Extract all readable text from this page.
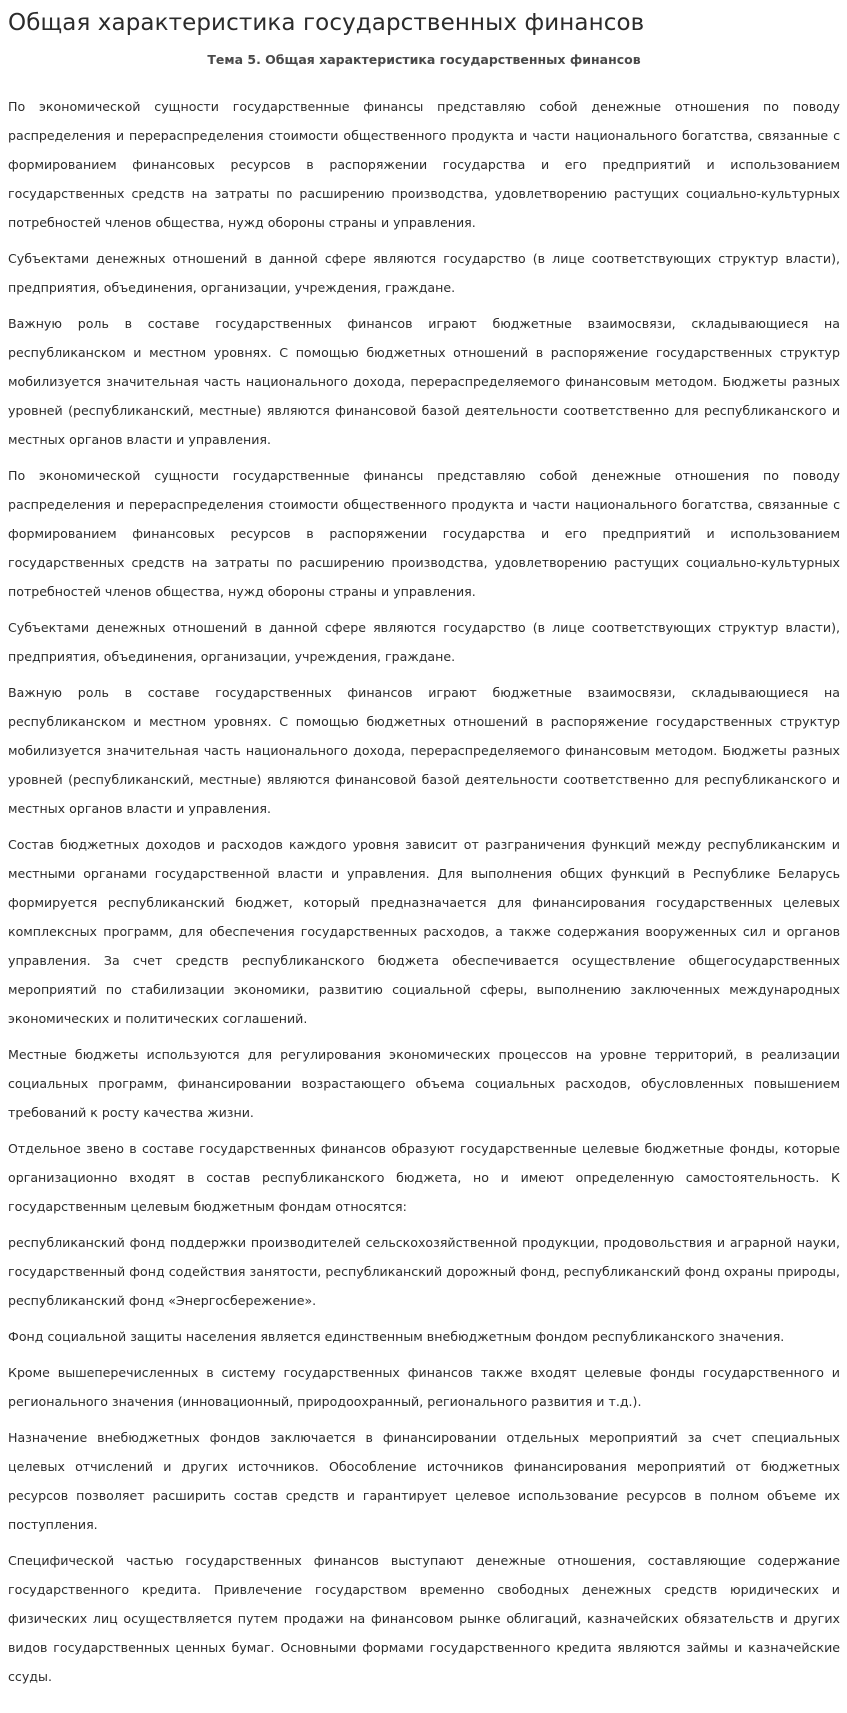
Общая характеристика государственных финансов
Тема 5. Общая характеристика государственных финансов

По экономической сущности государственные финансы представляю собой денежные отношения по поводу распределения и перераспределения стоимости общественного продукта и части национального богатства, связанные с формированием финансовых ресурсов в распоряжении государства и его предприятий и использованием государственных средств на затраты по расширению производства, удовлетворению растущих социально-культурных потребностей членов общества, нужд обороны страны и управления.

Субъектами денежных отношений в данной сфере являются государство (в лице соответствующих структур власти), предприятия, объединения, организации, учреждения, граждане.

Важную роль в составе государственных финансов играют бюджетные взаимосвязи, складывающиеся на республиканском и местном уровнях. С помощью бюджетных отношений в распоряжение государственных структур мобилизуется значительная часть национального дохода, перераспределяемого финансовым методом. Бюджеты разных уровней (республиканский, местные) являются финансовой базой деятельности соответственно для республиканского и местных органов власти и управления.

По экономической сущности государственные финансы представляю собой денежные отношения по поводу распределения и перераспределения стоимости общественного продукта и части национального богатства, связанные с формированием финансовых ресурсов в распоряжении государства и его предприятий и использованием государственных средств на затраты по расширению производства, удовлетворению растущих социально-культурных потребностей членов общества, нужд обороны страны и управления.

Субъектами денежных отношений в данной сфере являются государство (в лице соответствующих структур власти), предприятия, объединения, организации, учреждения, граждане.

Важную роль в составе государственных финансов играют бюджетные взаимосвязи, складывающиеся на республиканском и местном уровнях. С помощью бюджетных отношений в распоряжение государственных структур мобилизуется значительная часть национального дохода, перераспределяемого финансовым методом. Бюджеты разных уровней (республиканский, местные) являются финансовой базой деятельности соответственно для республиканского и местных органов власти и управления.

Состав бюджетных доходов и расходов каждого уровня зависит от разграничения функций между республиканским и местными органами государственной власти и управления. Для выполнения общих функций в Республике Беларусь формируется республиканский бюджет, который предназначается для финансирования государственных целевых комплексных программ, для обеспечения государственных расходов, а также содержания вооруженных сил и органов управления. За счет средств республиканского бюджета обеспечивается осуществление общегосударственных мероприятий по стабилизации экономики, развитию социальной сферы, выполнению заключенных международных экономических и политических соглашений.

Местные бюджеты используются для регулирования экономических процессов на уровне территорий, в реализации социальных программ, финансировании возрастающего объема социальных расходов, обусловленных повышением требований к росту качества жизни.

Отдельное звено в составе государственных финансов образуют государственные целевые бюджетные фонды, которые организационно входят в состав республиканского бюджета, но и имеют определенную самостоятельность. К государственным целевым бюджетным фондам относятся:

республиканский фонд поддержки производителей сельскохозяйственной продукции, продовольствия и аграрной науки, государственный фонд содействия занятости, республиканский дорожный фонд, республиканский фонд охраны природы, республиканский фонд «Энергосбережение».

Фонд социальной защиты населения является единственным внебюджетным фондом республиканского значения.

Кроме вышеперечисленных в систему государственных финансов также входят целевые фонды государственного и регионального значения (инновационный, природоохранный, регионального развития и т.д.).

Назначение внебюджетных фондов заключается в финансировании отдельных мероприятий за счет специальных целевых отчислений и других источников. Обособление источников финансирования мероприятий от бюджетных ресурсов позволяет расширить состав средств и гарантирует целевое использование ресурсов в полном объеме их поступления.

Специфической частью государственных финансов выступают денежные отношения, составляющие содержание государственного кредита. Привлечение государством временно свободных денежных средств юридических и физических лиц осуществляется путем продажи на финансовом рынке облигаций, казначейских обязательств и других видов государственных ценных бумаг. Основными формами государственного кредита являются займы и казначейские ссуды.
